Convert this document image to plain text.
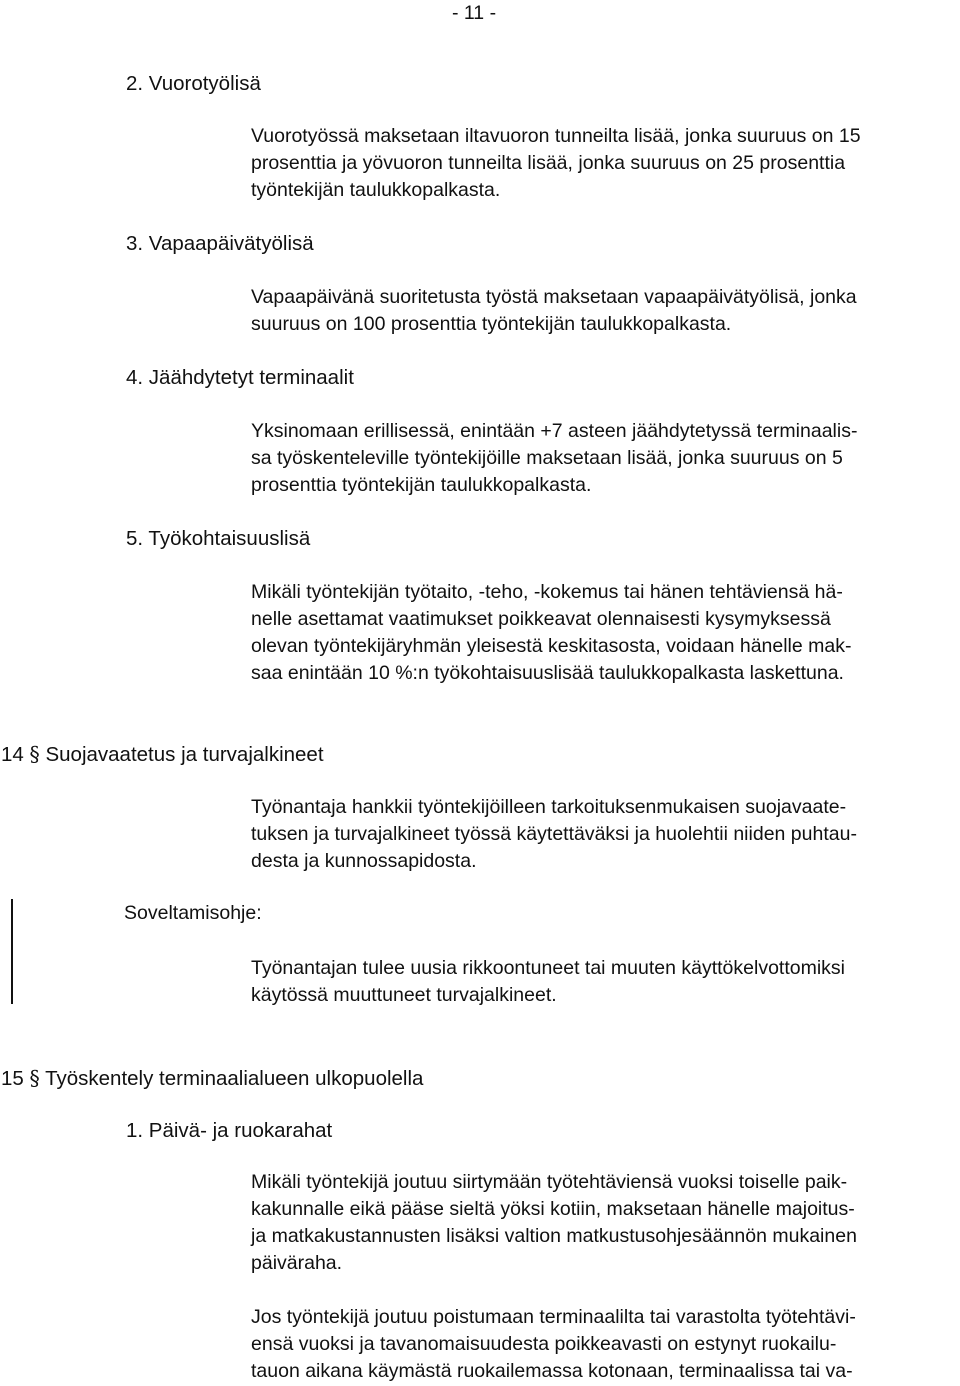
- 11 -
2. Vuorotyölisä
Vuorotyössä maksetaan iltavuoron tunneilta lisää, jonka suuruus on 15
prosenttia ja yövuoron tunneilta lisää, jonka suuruus on 25 prosenttia
työntekijän taulukkopalkasta.
3. Vapaapäivätyölisä
Vapaapäivänä suoritetusta työstä maksetaan vapaapäivätyölisä, jonka
suuruus on 100 prosenttia työntekijän taulukkopalkasta.
4. Jäähdytetyt terminaalit
Yksinomaan erillisessä, enintään +7 asteen jäähdytetyssä terminaalis-
sa työskenteleville työntekijöille maksetaan lisää, jonka suuruus on 5
prosenttia työntekijän taulukkopalkasta.
5. Työkohtaisuuslisä
Mikäli työntekijän työtaito, -teho, -kokemus tai hänen tehtäviensä hä-
nelle asettamat vaatimukset poikkeavat olennaisesti kysymyksessä
olevan työntekijäryhmän yleisestä keskitasosta, voidaan hänelle mak-
saa enintään 10 %:n työkohtaisuuslisää taulukkopalkasta laskettuna.
14 § Suojavaatetus ja turvajalkineet
Työnantaja hankkii työntekijöilleen tarkoituksenmukaisen suojavaate-
tuksen ja turvajalkineet työssä käytettäväksi ja huolehtii niiden puhtau-
desta ja kunnossapidosta.
Soveltamisohje:
Työnantajan tulee uusia rikkoontuneet tai muuten käyttökelvottomiksi
käytössä muuttuneet turvajalkineet.
15 § Työskentely terminaalialueen ulkopuolella
1. Päivä- ja ruokarahat
Mikäli työntekijä joutuu siirtymään työtehtäviensä vuoksi toiselle paik-
kakunnalle eikä pääse sieltä yöksi kotiin, maksetaan hänelle majoitus-
ja matkakustannusten lisäksi valtion matkustusohjesäännön mukainen
päiväraha.
Jos työntekijä joutuu poistumaan terminaalilta tai varastolta työtehtävi-
ensä vuoksi ja tavanomaisuudesta poikkeavasti on estynyt ruokailu-
tauon aikana käymästä ruokailemassa kotonaan, terminaalissa tai va-
